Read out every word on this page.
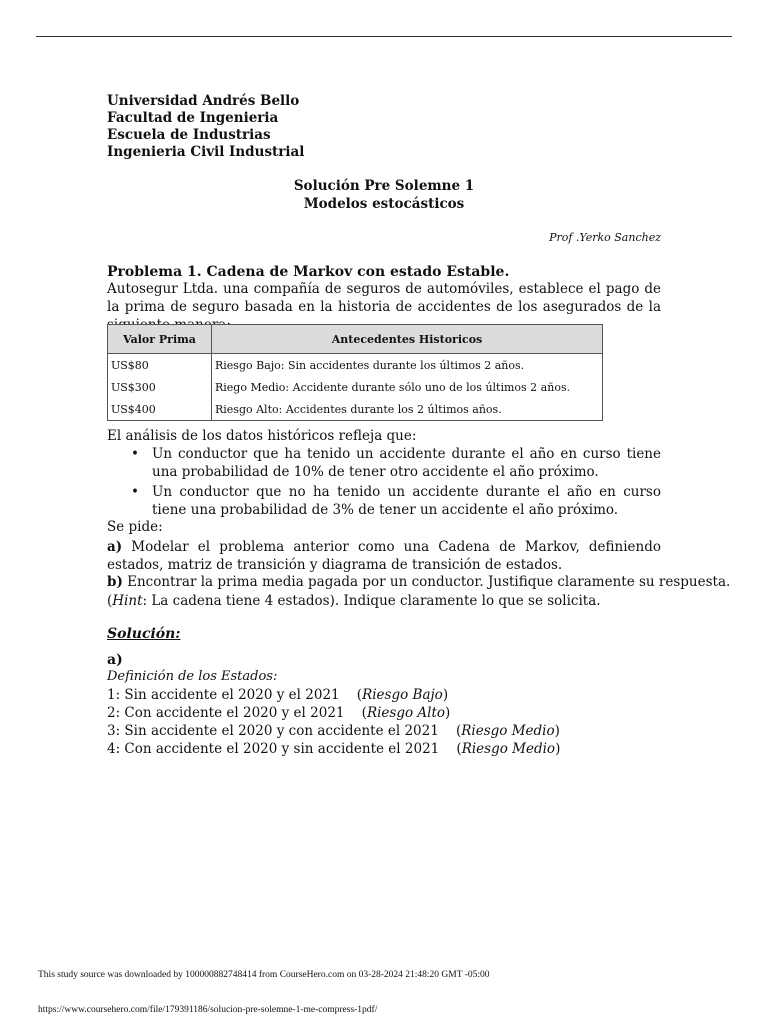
Universidad Andrés Bello
Facultad de Ingenieria
Escuela de Industrias
Ingenieria Civil Industrial
Solución Pre Solemne 1
Modelos estocásticos
Prof .Yerko Sanchez
Problema 1. Cadena de Markov con estado Estable.
Autosegur Ltda. una compañía de seguros de automóviles, establece el pago de la prima de seguro basada en la historia de accidentes de los asegurados de la
Valor Prima	Antecedentes Historicos
US$80	Riesgo Bajo: Sin accidentes durante los últimos 2 años.
US$300	Riego Medio: Accidente durante sólo uno de los últimos 2 años.
US$400	Riesgo Alto: Accidentes durante los 2 últimos años.
El análisis de los datos históricos refleja que:
• Un conductor que ha tenido un accidente durante el año en curso tiene una probabilidad de 10% de tener otro accidente el año próximo.
• Un conductor que no ha tenido un accidente durante el año en curso tiene una probabilidad de 3% de tener un accidente el año próximo.
Se pide:
a) Modelar el problema anterior como una Cadena de Markov, definiendo estados, matriz de transición y diagrama de transición de estados.
b) Encontrar la prima media pagada por un conductor. Justifique claramente su respuesta.
(Hint: La cadena tiene 4 estados). Indique claramente lo que se solicita.
Solución:
a)
Definición de los Estados:
1: Sin accidente el 2020 y el 2021    (Riesgo Bajo)
2: Con accidente el 2020 y el 2021    (Riesgo Alto)
3: Sin accidente el 2020 y con accidente el 2021    (Riesgo Medio)
4: Con accidente el 2020 y sin accidente el 2021    (Riesgo Medio)
This study source was downloaded by 100000882748414 from CourseHero.com on 03-28-2024 21:48:20 GMT -05:00
https://www.coursehero.com/file/179391186/solucion-pre-solemne-1-me-compress-1pdf/
